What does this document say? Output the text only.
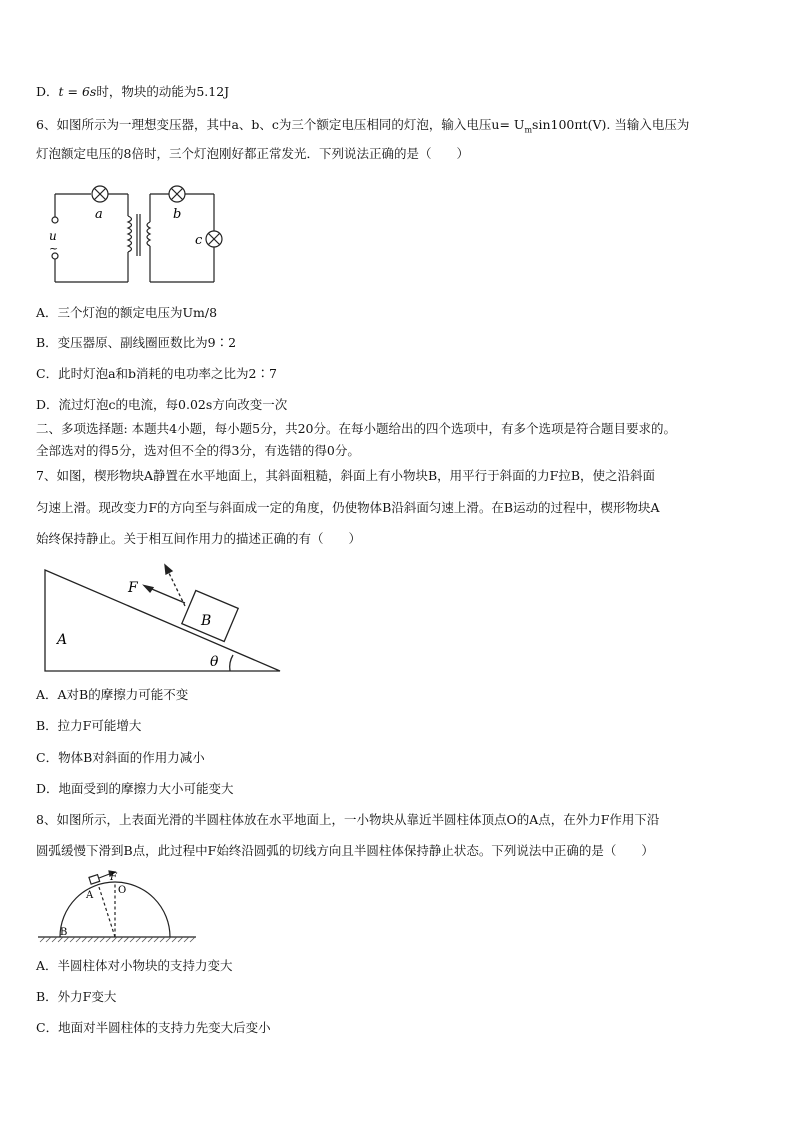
D．t = 6s时，物块的动能为5.12J
6、如图所示为一理想变压器，其中a、b、c为三个额定电压相同的灯泡，输入电压$u= U_m\sin 100\pi t(V)$. 当输入电压为
灯泡额定电压的8倍时，三个灯泡刚好都正常发光．下列说法正确的是（　　）
a	b
c
u
~
A．三个灯泡的额定电压为Um/8
B．变压器原、副线圈匝数比为9∶2
C．此时灯泡a和b消耗的电功率之比为2∶7
D．流过灯泡c的电流，每0.02s方向改变一次
二、多项选择题: 本题共4小题，每小题5分，共20分。在每小题给出的四个选项中，有多个选项是符合题目要求的。
全部选对的得5分，选对但不全的得3分，有选错的得0分。
7、如图，楔形物块A静置在水平地面上，其斜面粗糙，斜面上有小物块B，用平行于斜面的力F拉B，使之沿斜面
匀速上滑。现改变力F的方向至与斜面成一定的角度，仍使物体B沿斜面匀速上滑。在B运动的过程中，楔形物块A
始终保持静止。关于相互间作用力的描述正确的有（　　）
A
B
F
θ
A．A对B的摩擦力可能不变
B．拉力F可能增大
C．物体B对斜面的作用力减小
D．地面受到的摩擦力大小可能变大
8、如图所示，上表面光滑的半圆柱体放在水平地面上，一小物块从靠近半圆柱体顶点O的A点，在外力F作用下沿
圆弧缓慢下滑到B点，此过程中F始终沿圆弧的切线方向且半圆柱体保持静止状态。下列说法中正确的是（　　）
A O
F
B
A．半圆柱体对小物块的支持力变大
B．外力F变大
C．地面对半圆柱体的支持力先变大后变小
